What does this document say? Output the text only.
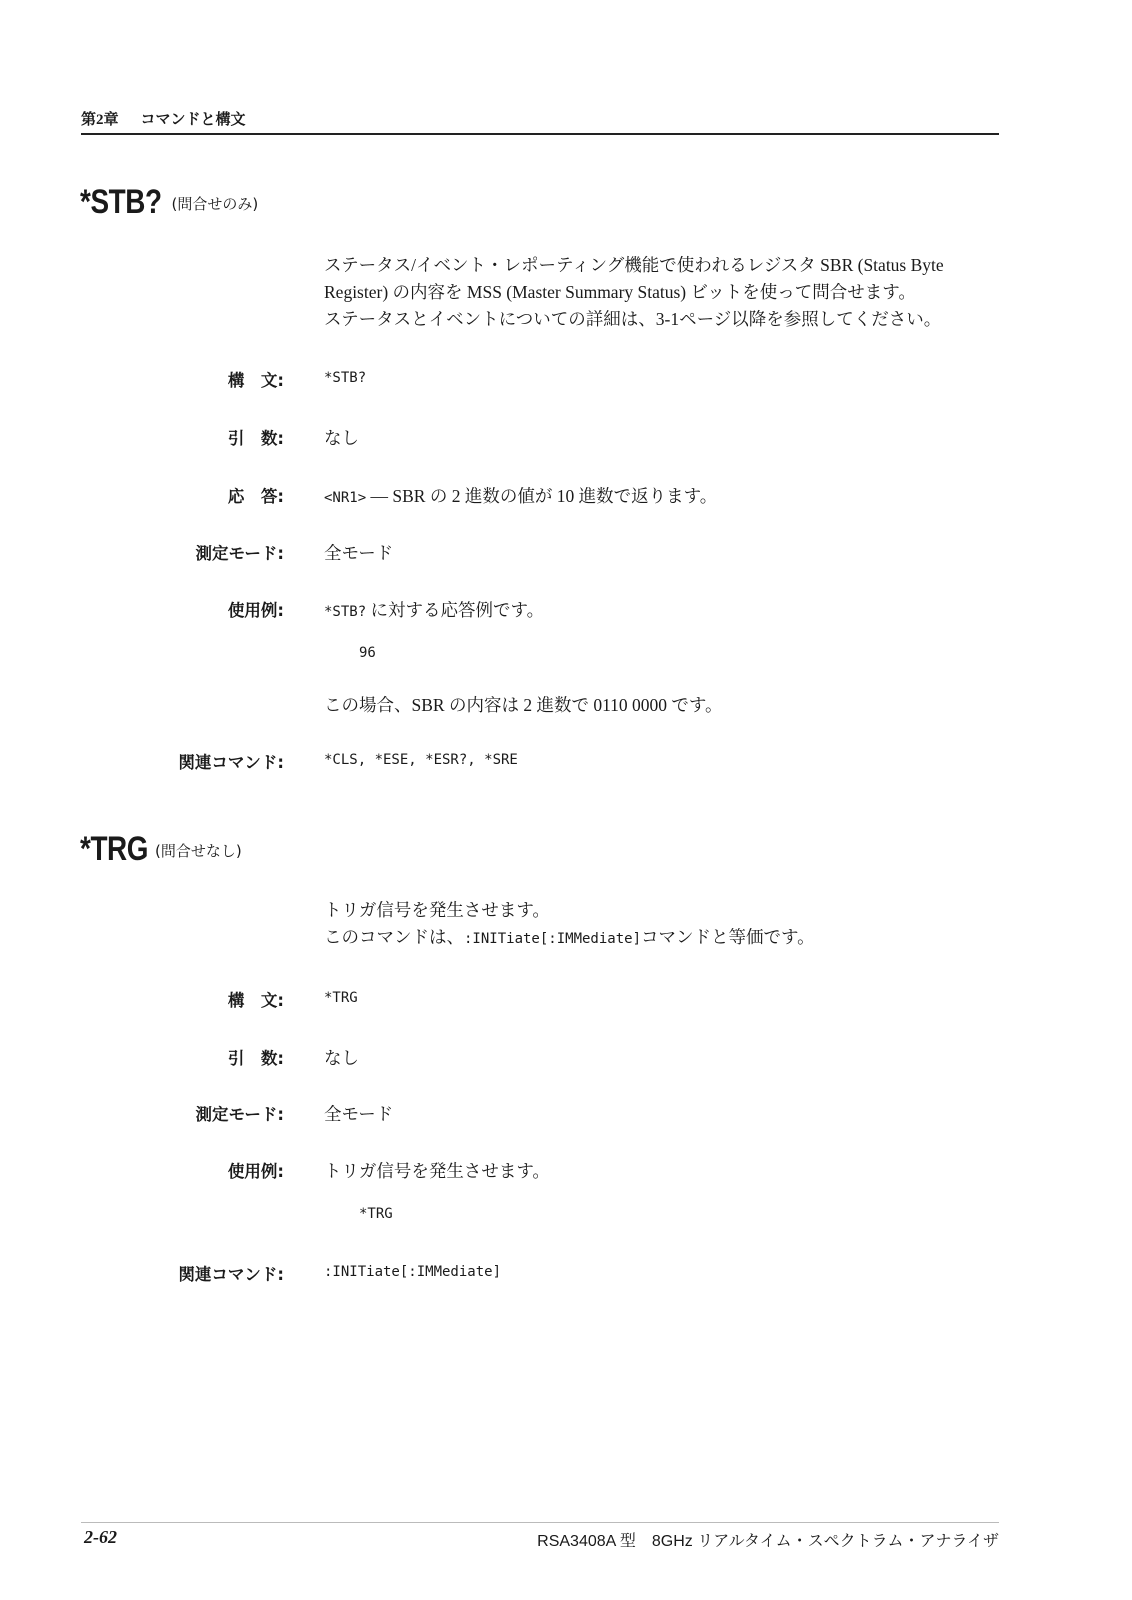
第2章 コマンドと構文
*STB? (問合せのみ)
ステータス/イベント・レポーティング機能で使われるレジスタ SBR (Status Byte
Register) の内容を MSS (Master Summary Status) ビットを使って問合せます。
ステータスとイベントについての詳細は、3-1ページ以降を参照してください。
構　文:	*STB?
引　数: なし
応　答:	<NR1> — SBR の 2 進数の値が 10 進数で返ります。
測定モード: 全モード
使用例:	*STB? に対する応答例です。
96
この場合、SBR の内容は 2 進数で 0110 0000 です。
関連コマンド:	*CLS, *ESE, *ESR?, *SRE
*TRG (問合せなし)
トリガ信号を発生させます。
このコマンドは、:INITiate[:IMMediate]コマンドと等価です。
構　文:	*TRG
引　数: なし
測定モード: 全モード
使用例: トリガ信号を発生させます。
*TRG
関連コマンド:	:INITiate[:IMMediate]
2-62	RSA3408A 型　8GHz リアルタイム・スペクトラム・アナライザ
